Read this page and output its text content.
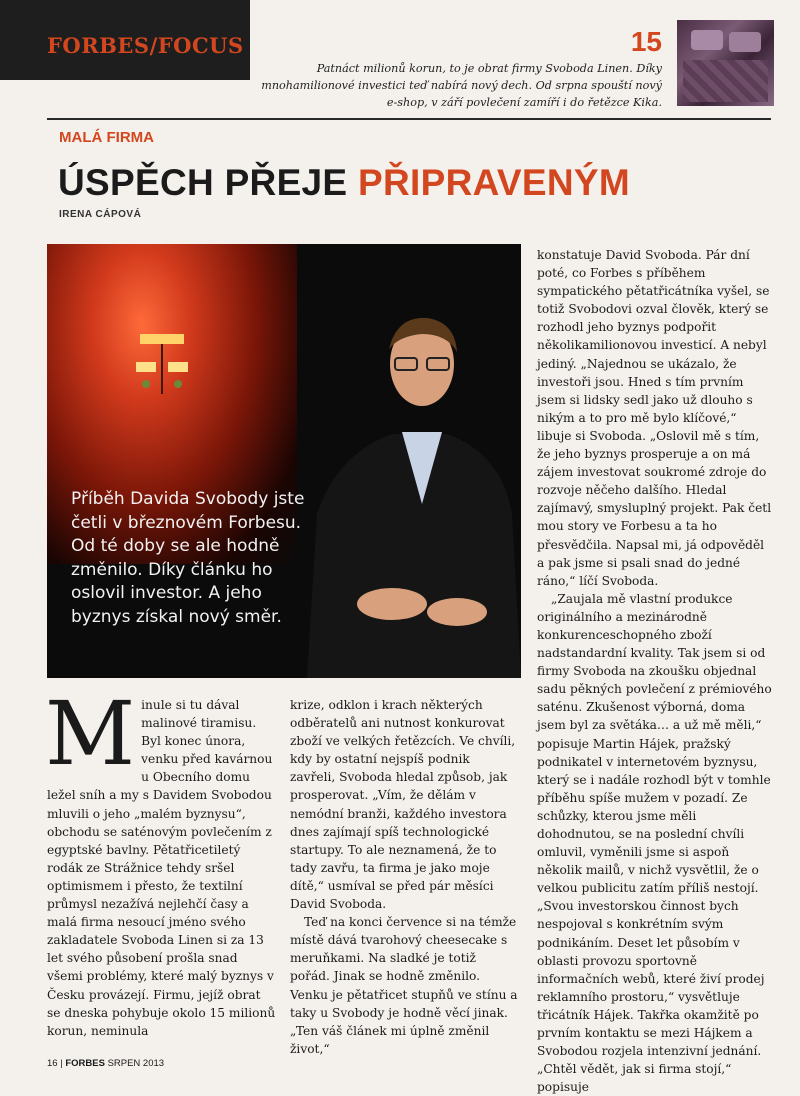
FORBES/FOCUS	15
Patnáct milionů korun, to je obrat firmy Svoboda Linen. Díky mnohamilionové investici teď nabírá nový dech. Od srpna spouští nový e-shop, v září povlečení zamíří i do řetězce Kika.
MALÁ FIRMA
ÚSPĚCH PŘEJE PŘIPRAVENÝM
IRENA CÁPOVÁ
Příběh Davida Svobody jste četli v březnovém Forbesu. Od té doby se ale hodně změnilo. Díky článku ho oslovil investor. A jeho byznys získal nový směr.

Minule si tu dával malinové tiramisu. Byl konec února, venku před kavárnou u Obecního domu ležel sníh a my s Davidem Svobodou mluvili o jeho „malém byznysu“, obchodu se saténovým povlečením z egyptské bavlny. Pětatřicetiletý rodák ze Strážnice tehdy sršel optimismem i přesto, že textilní průmysl nezažívá nejlehčí časy a malá firma nesoucí jméno svého zakladatele Svoboda Linen si za 13 let svého působení prošla snad všemi problémy, které malý byznys v Česku provázejí. Firmu, jejíž obrat se dneska pohybuje okolo 15 milionů korun, neminula

krize, odklon i krach některých odběratelů ani nutnost konkurovat zboží ve velkých řetězcích. Ve chvíli, kdy by ostatní nejspíš podnik zavřeli, Svoboda hledal způsob, jak prosperovat. „Vím, že dělám v nemódní branži, každého investora dnes zajímají spíš technologické startupy. To ale neznamená, že to tady zavřu, ta firma je jako moje dítě,“ usmíval se před pár měsíci David Svoboda.

Teď na konci července si na témže místě dává tvarohový cheesecake s meruňkami. Na sladké je totiž pořád. Jinak se hodně změnilo. Venku je pětatřicet stupňů ve stínu a taky u Svobody je hodně věcí jinak. „Ten váš článek mi úplně změnil život,“

konstatuje David Svoboda. Pár dní poté, co Forbes s příběhem sympatického pětatřicátníka vyšel, se totiž Svobodovi ozval člověk, který se rozhodl jeho byznys podpořit několikamilionovou investicí. A nebyl jediný. „Najednou se ukázalo, že investoři jsou. Hned s tím prvním jsem si lidsky sedl jako už dlouho s nikým a to pro mě bylo klíčové,“ libuje si Svoboda. „Oslovil mě s tím, že jeho byznys prosperuje a on má zájem investovat soukromé zdroje do rozvoje něčeho dalšího. Hledal zajímavý, smysluplný projekt. Pak četl mou story ve Forbesu a ta ho přesvědčila. Napsal mi, já odpověděl a pak jsme si psali snad do jedné ráno,“ líčí Svoboda.

„Zaujala mě vlastní produkce originálního a mezinárodně konkurenceschopného zboží nadstandardní kvality. Tak jsem si od firmy Svoboda na zkoušku objednal sadu pěkných povlečení z prémiového saténu. Zkušenost výborná, doma jsem byl za světáka… a už mě měli,“ popisuje Martin Hájek, pražský podnikatel v internetovém byznysu, který se i nadále rozhodl být v tomhle příběhu spíše mužem v pozadí. Ze schůzky, kterou jsme měli dohodnutou, se na poslední chvíli omluvil, vyměnili jsme si aspoň několik mailů, v nichž vysvětlil, že o velkou publicitu zatím příliš nestojí. „Svou investorskou činnost bych nespojoval s konkrétním svým podnikáním. Deset let působím v oblasti provozu sportovně informačních webů, které živí prodej reklamního prostoru,“ vysvětluje třicátník Hájek. Takřka okamžitě po prvním kontaktu se mezi Hájkem a Svobodou rozjela intenzivní jednání. „Chtěl vědět, jak si firma stojí,“ popisuje

16 | FORBES SRPEN 2013
